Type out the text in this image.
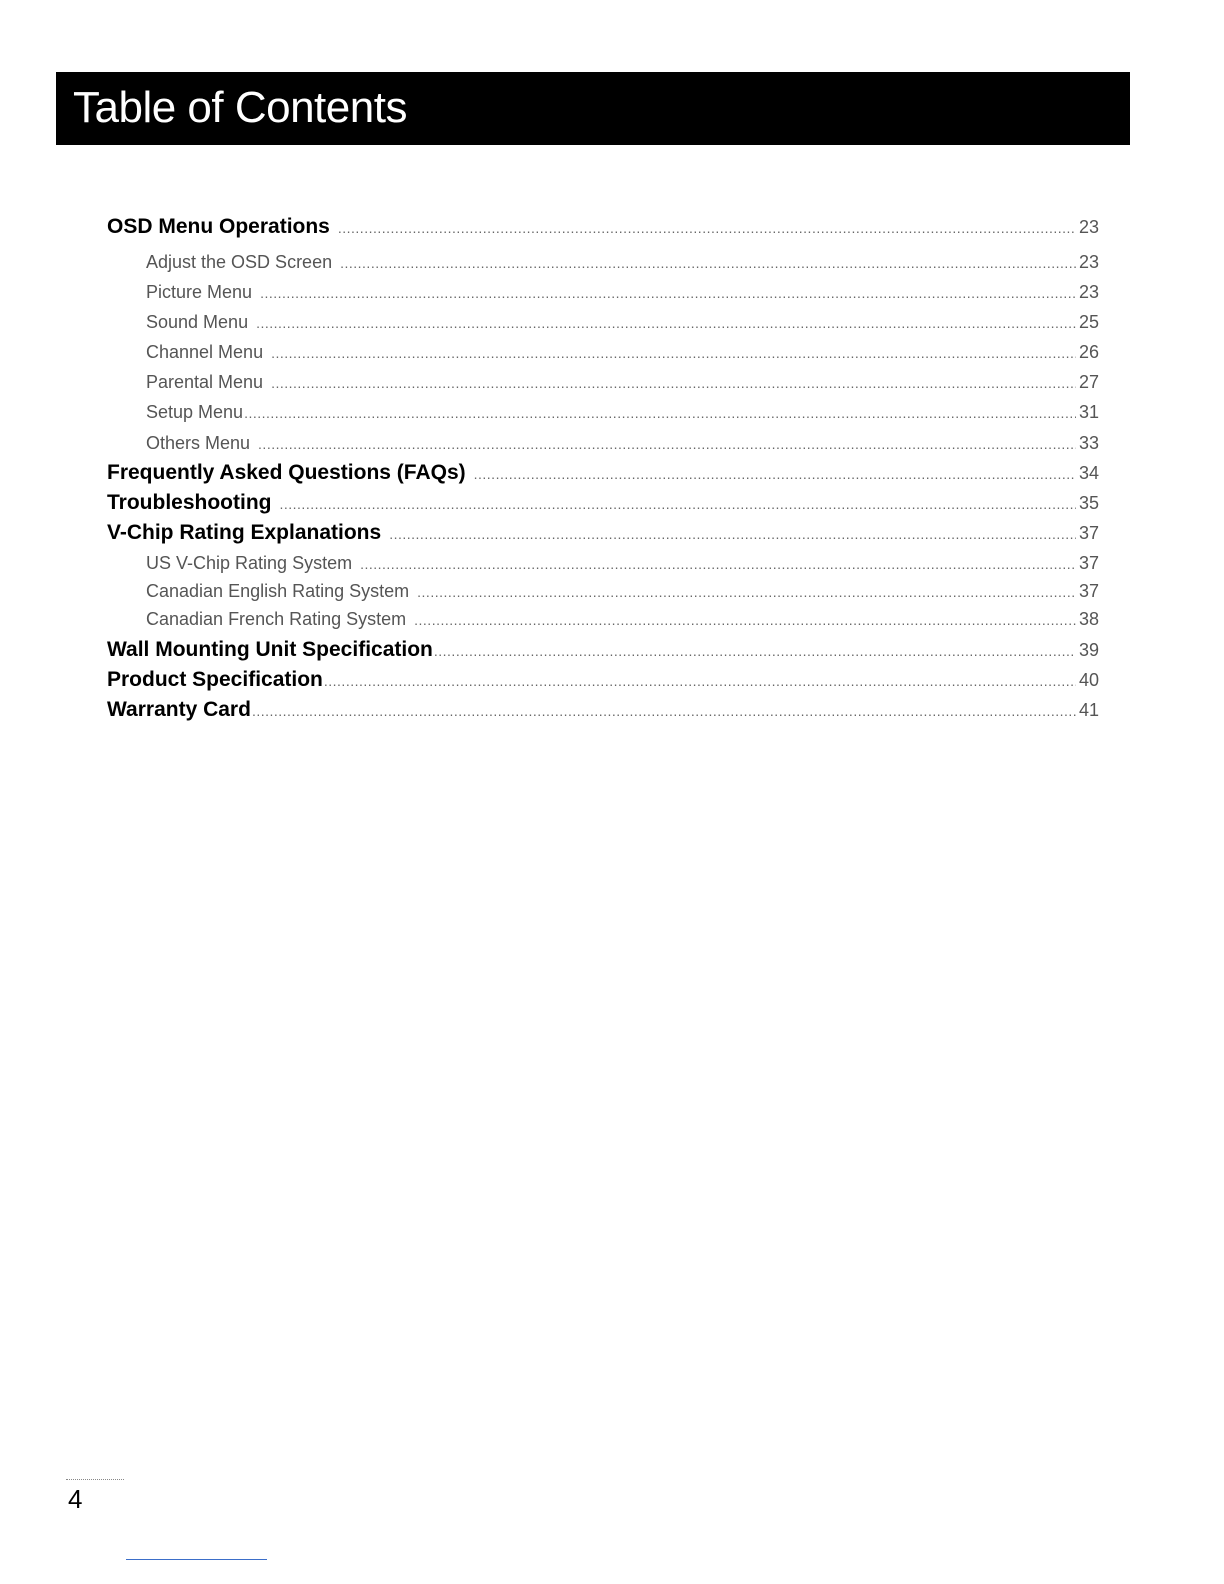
Table of Contents
OSD Menu Operations .....	23
Adjust the OSD Screen .....	23
Picture Menu .....	23
Sound Menu .....	25
Channel Menu .....	26
Parental Menu .....	27
Setup Menu .....	31
Others Menu .....	33
Frequently Asked Questions (FAQs) .....	34
Troubleshooting .....	35
V-Chip Rating Explanations .....	37
US V-Chip Rating System .....	37
Canadian English Rating System .....	37
Canadian French Rating System .....	38
Wall Mounting Unit Specification .....	39
Product Specification .....	40
Warranty Card .....	41
4
